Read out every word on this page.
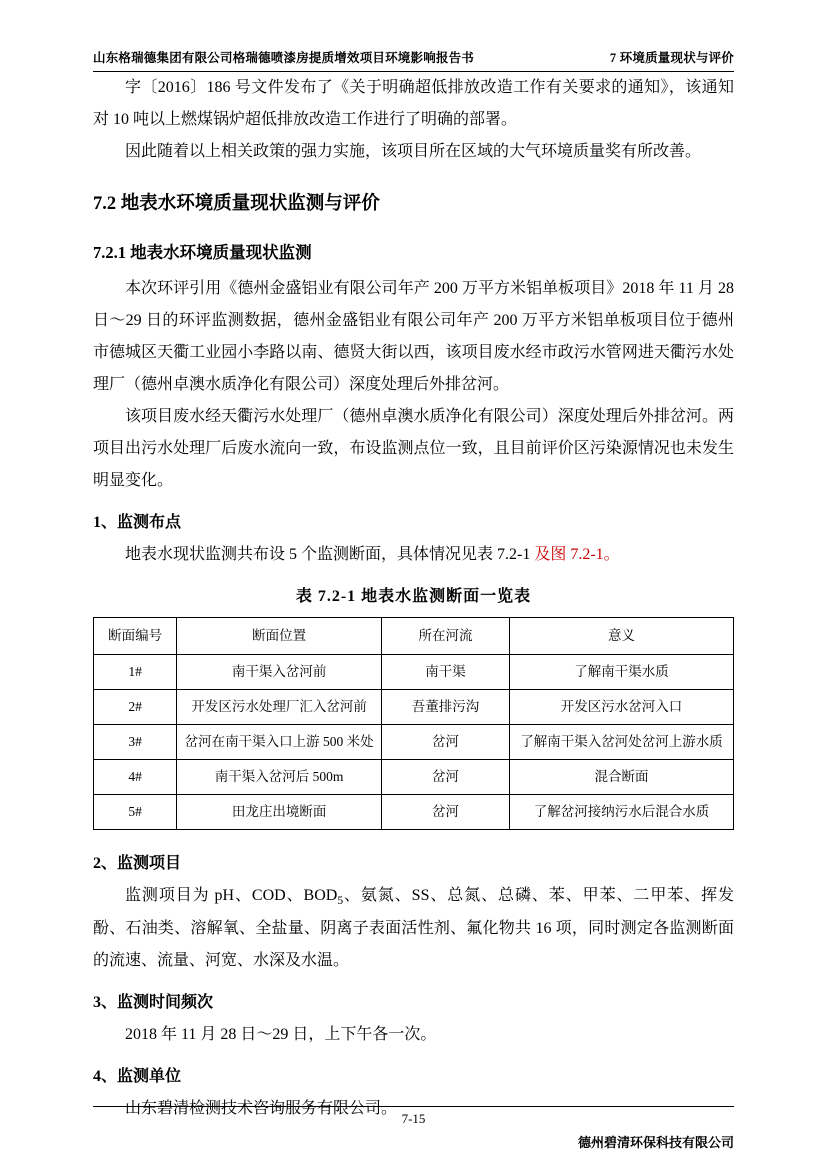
山东格瑞德集团有限公司格瑞德喷漆房提质增效项目环境影响报告书	7 环境质量现状与评价

字〔2016〕186 号文件发布了《关于明确超低排放改造工作有关要求的通知》，该通知对 10 吨以上燃煤锅炉超低排放改造工作进行了明确的部署。

因此随着以上相关政策的强力实施，该项目所在区域的大气环境质量奖有所改善。

7.2 地表水环境质量现状监测与评价
7.2.1 地表水环境质量现状监测

本次环评引用《德州金盛铝业有限公司年产 200 万平方米铝单板项目》2018 年 11 月 28 日～29 日的环评监测数据，德州金盛铝业有限公司年产 200 万平方米铝单板项目位于德州市德城区天衢工业园小李路以南、德贤大街以西，该项目废水经市政污水管网进天衢污水处理厂（德州卓澳水质净化有限公司）深度处理后外排岔河。

该项目废水经天衢污水处理厂（德州卓澳水质净化有限公司）深度处理后外排岔河。两项目出污水处理厂后废水流向一致，布设监测点位一致，且目前评价区污染源情况也未发生明显变化。

1、监测布点

地表水现状监测共布设 5 个监测断面，具体情况见表 7.2-1 及图 7.2-1。

表 7.2-1 地表水监测断面一览表
断面编号	断面位置	所在河流	意义
1#	南干渠入岔河前	南干渠	了解南干渠水质
2#	开发区污水处理厂汇入岔河前	吾董排污沟	开发区污水岔河入口
3#	岔河在南干渠入口上游 500 米处	岔河	了解南干渠入岔河处岔河上游水质
4#	南干渠入岔河后 500m	岔河	混合断面
5#	田龙庄出境断面	岔河	了解岔河接纳污水后混合水质
2、监测项目

监测项目为 pH、COD、$BOD_5$、氨氮、SS、总氮、总磷、苯、甲苯、二甲苯、挥发酚、石油类、溶解氧、全盐量、阴离子表面活性剂、氟化物共 16 项，同时测定各监测断面的流速、流量、河宽、水深及水温。

3、监测时间频次

2018 年 11 月 28 日～29 日，上下午各一次。

4、监测单位

山东碧清检测技术咨询服务有限公司。

7-15
德州碧清环保科技有限公司
